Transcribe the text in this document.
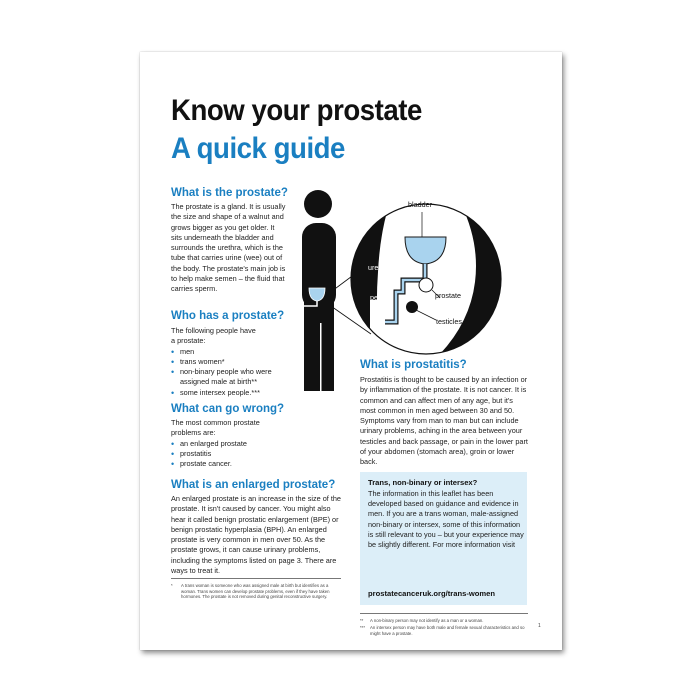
Know your prostate
A quick guide
What is the prostate?
The prostate is a gland. It is usually the size and shape of a walnut and grows bigger as you get older. It sits underneath the bladder and surrounds the urethra, which is the tube that carries urine (wee) out of the body. The prostate's main job is to help make semen – the fluid that carries sperm.
Who has a prostate?
The following people have a prostate:
• men
• trans women*
• non-binary people who were assigned male at birth**
• some intersex people.***
What can go wrong?
The most common prostate problems are:
• an enlarged prostate
• prostatitis
• prostate cancer.
What is an enlarged prostate?
An enlarged prostate is an increase in the size of the prostate. It isn't caused by cancer. You might also hear it called benign prostatic enlargement (BPE) or benign prostatic hyperplasia (BPH). An enlarged prostate is very common in men over 50. As the prostate grows, it can cause urinary problems, including the symptoms listed on page 3. There are ways to treat it.
What is prostatitis?
Prostatitis is thought to be caused by an infection or by inflammation of the prostate. It is not cancer. It is common and can affect men of any age, but it's most common in men aged between 30 and 50. Symptoms vary from man to man but can include urinary problems, aching in the area between your testicles and back passage, or pain in the lower part of your abdomen (stomach area), groin or lower back.
Trans, non-binary or intersex?
The information in this leaflet has been developed based on guidance and evidence in men. If you are a trans woman, male-assigned non-binary or intersex, some of this information is still relevant to you – but your experience may be slightly different. For more information visit
prostatecanceruk.org/trans-women
bladder
urethra
penis	prostate
testicles
*	A trans woman is someone who was assigned male at birth but identifies as a woman. Trans women can develop prostate problems, even if they have taken hormones. The prostate is not removed during genital reconstructive surgery.
**	A non-binary person may not identify as a man or a woman.
***	An intersex person may have both male and female sexual characteristics and so might have a prostate.
1
